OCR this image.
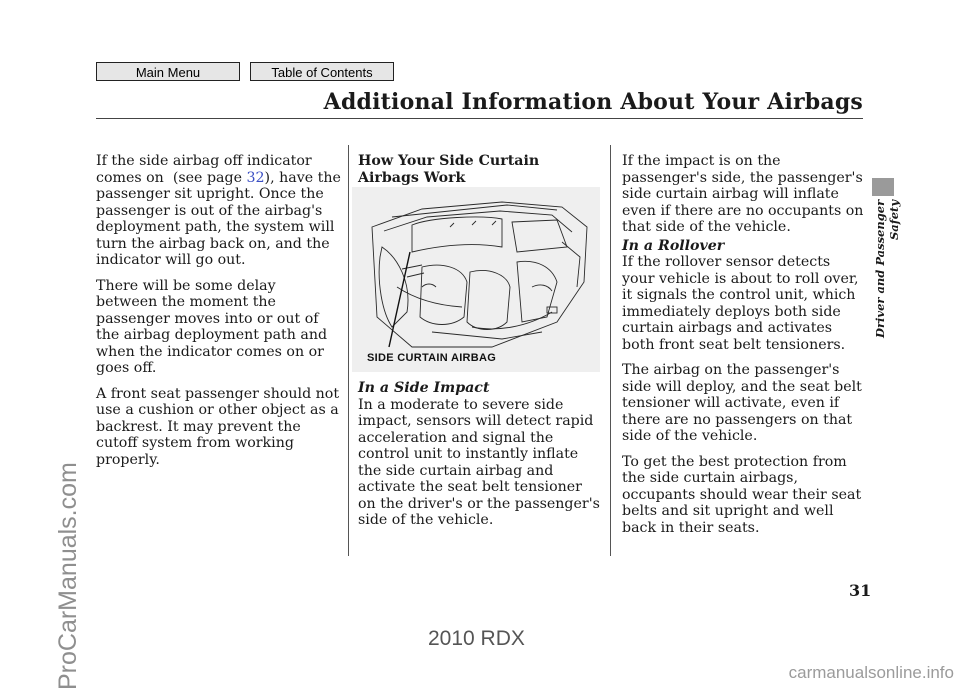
Main Menu	Table of Contents
Additional Information About Your Airbags
Driver and Passenger Safety
ProCarManuals.com

If the side airbag off indicator comes on  (see page 32), have the passenger sit upright. Once the passenger is out of the airbag's deployment path, the system will turn the airbag back on, and the indicator will go out.

There will be some delay between the moment the passenger moves into or out of the airbag deployment path and when the indicator comes on or goes off.

A front seat passenger should not use a cushion or other object as a backrest. It may prevent the cutoff system from working properly.

How Your Side Curtain Airbags Work

SIDE CURTAIN AIRBAG

In a Side Impact

In a moderate to severe side impact, sensors will detect rapid acceleration and signal the control unit to instantly inflate the side curtain airbag and activate the seat belt tensioner on the driver's or the passenger's side of the vehicle.

If the impact is on the passenger's side, the passenger's side curtain airbag will inflate even if there are no occupants on that side of the vehicle.

In a Rollover

If the rollover sensor detects your vehicle is about to roll over, it signals the control unit, which immediately deploys both side curtain airbags and activates both front seat belt tensioners.

The airbag on the passenger's side will deploy, and the seat belt tensioner will activate, even if there are no passengers on that side of the vehicle.

To get the best protection from the side curtain airbags, occupants should wear their seat belts and sit upright and well back in their seats.

31
2010 RDX
carmanualsonline.info
